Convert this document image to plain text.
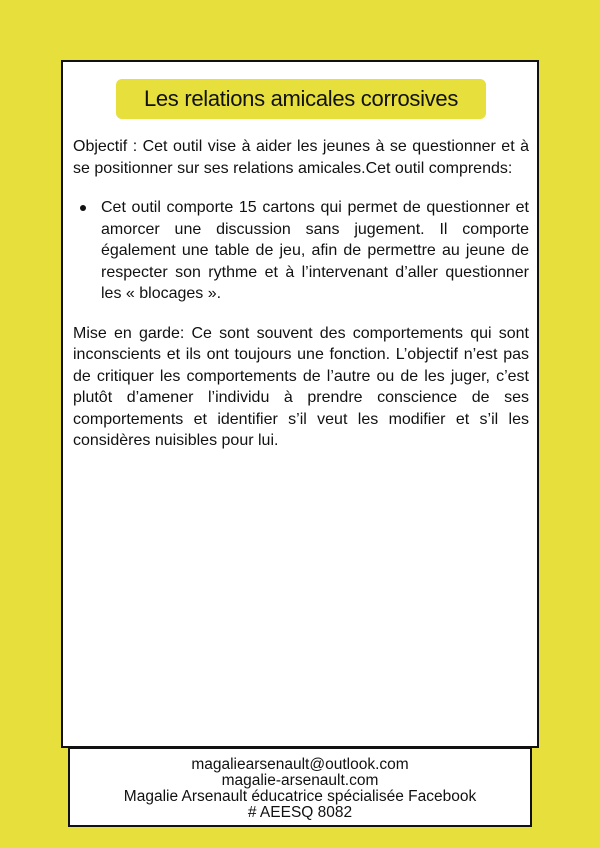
Les relations amicales corrosives

Objectif : Cet outil vise à aider les jeunes à se questionner et à se positionner sur ses relations amicales.Cet outil comprends:

Cet outil comporte 15 cartons qui permet de questionner et amorcer une discussion sans jugement. Il comporte également une table de jeu, afin de permettre au jeune de respecter son rythme et à l’intervenant d’aller questionner les « blocages ».

Mise en garde: Ce sont souvent des comportements qui sont inconscients et ils ont toujours une fonction. L’objectif n’est pas de critiquer les comportements de l’autre ou de les juger, c’est plutôt d’amener l’individu à prendre conscience de ses comportements et identifier s’il veut les modifier et s’il les considères nuisibles pour lui.

magaliearsenault@outlook.com
magalie-arsenault.com
Magalie Arsenault éducatrice spécialisée Facebook
# AEESQ 8082
